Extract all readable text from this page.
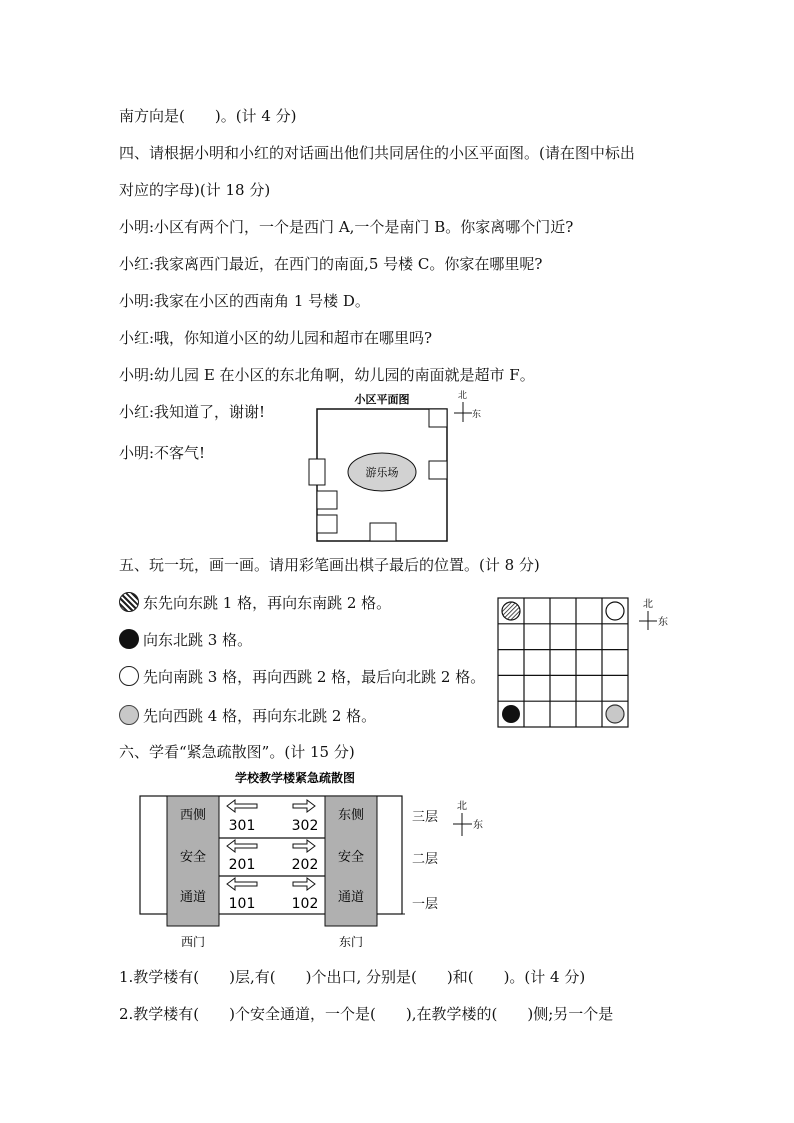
南方向是(　　)。(计 4 分)
四、请根据小明和小红的对话画出他们共同居住的小区平面图。(请在图中标出
对应的字母)(计 18 分)
小明:小区有两个门，一个是西门 A,一个是南门 B。你家离哪个门近?
小红:我家离西门最近，在西门的南面,5 号楼 C。你家在哪里呢?
小明:我家在小区的西南角 1 号楼 D。
小红:哦，你知道小区的幼儿园和超市在哪里吗?
小明:幼儿园 E 在小区的东北角啊，幼儿园的南面就是超市 F。
小红:我知道了，谢谢!
小明:不客气!
小区平面图
游乐场
北
东
五、玩一玩，画一画。请用彩笔画出棋子最后的位置。(计 8 分)
东先向东跳 1 格，再向东南跳 2 格。
向东北跳 3 格。
先向南跳 3 格，再向西跳 2 格，最后向北跳 2 格。
先向西跳 4 格，再向东北跳 2 格。
北
东
六、学看“紧急疏散图”。(计 15 分)
学校教学楼紧急疏散图
西侧
安全
通道
东侧
安全
通道
301	302
201	202
101	102
三层
二层
一层
西门	东门
北
东
1.教学楼有(　　)层,有(　　)个出口, 分别是(　　)和(　　)。(计 4 分)
2.教学楼有(　　)个安全通道，一个是(　　),在教学楼的(　　)侧;另一个是
